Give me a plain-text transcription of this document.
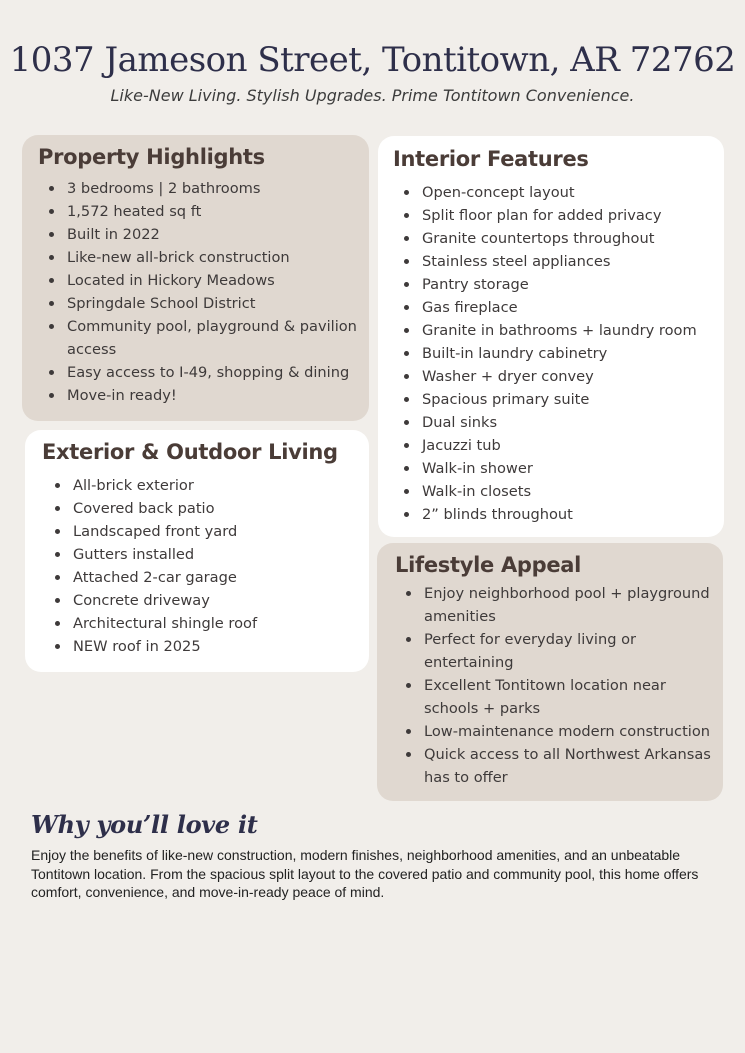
1037 Jameson Street, Tontitown, AR 72762
Like-New Living. Stylish Upgrades. Prime Tontitown Convenience.
Property Highlights
3 bedrooms | 2 bathrooms
1,572 heated sq ft
Built in 2022
Like-new all-brick construction
Located in Hickory Meadows
Springdale School District
Community pool, playground & pavilion access
Easy access to I-49, shopping & dining
Move-in ready!
Exterior & Outdoor Living
All-brick exterior
Covered back patio
Landscaped front yard
Gutters installed
Attached 2-car garage
Concrete driveway
Architectural shingle roof
NEW roof in 2025
Interior Features
Open-concept layout
Split floor plan for added privacy
Granite countertops throughout
Stainless steel appliances
Pantry storage
Gas fireplace
Granite in bathrooms + laundry room
Built-in laundry cabinetry
Washer + dryer convey
Spacious primary suite
Dual sinks
Jacuzzi tub
Walk-in shower
Walk-in closets
2” blinds throughout
Lifestyle Appeal
Enjoy neighborhood pool + playground amenities
Perfect for everyday living or entertaining
Excellent Tontitown location near schools + parks
Low-maintenance modern construction
Quick access to all Northwest Arkansas has to offer
Why you’ll love it

Enjoy the benefits of like-new construction, modern finishes, neighborhood amenities, and an unbeatable Tontitown location. From the spacious split layout to the covered patio and community pool, this home offers comfort, convenience, and move-in-ready peace of mind.
